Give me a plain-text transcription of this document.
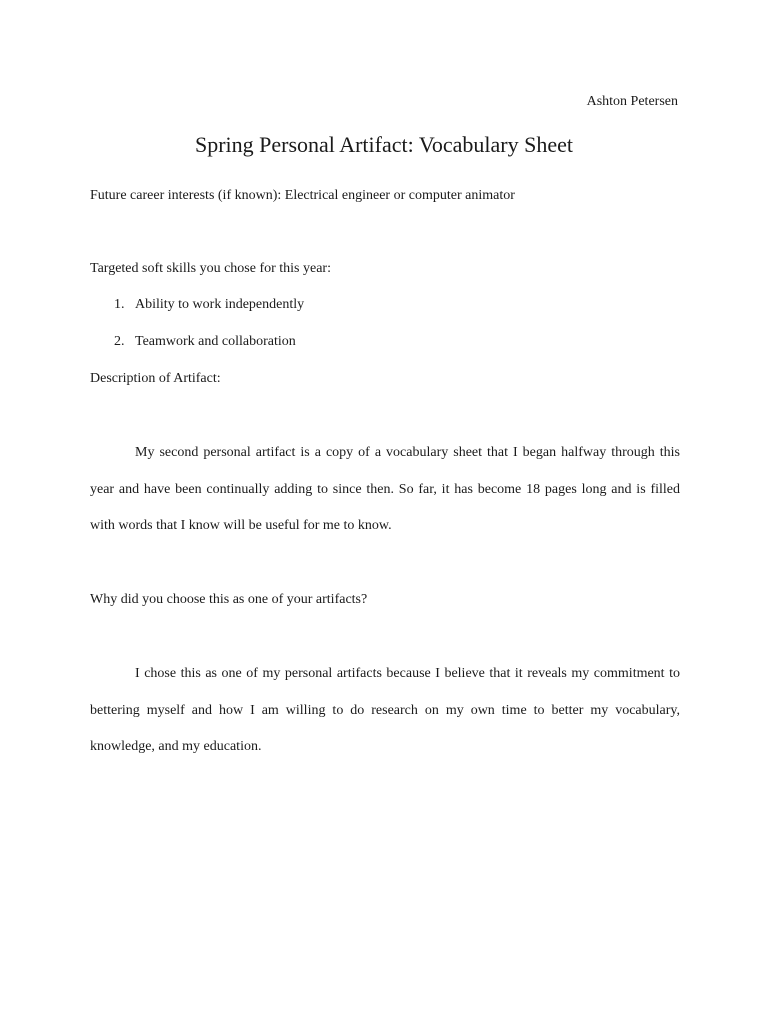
Ashton Petersen
Spring Personal Artifact: Vocabulary Sheet
Future career interests (if known): Electrical engineer or computer animator
Targeted soft skills you chose for this year:
1. Ability to work independently
2. Teamwork and collaboration
Description of Artifact:

My second personal artifact is a copy of a vocabulary sheet that I began halfway through this year and have been continually adding to since then. So far, it has become 18 pages long and is filled with words that I know will be useful for me to know.

Why did you choose this as one of your artifacts?

I chose this as one of my personal artifacts because I believe that it reveals my commitment to bettering myself and how I am willing to do research on my own time to better my vocabulary, knowledge, and my education.
